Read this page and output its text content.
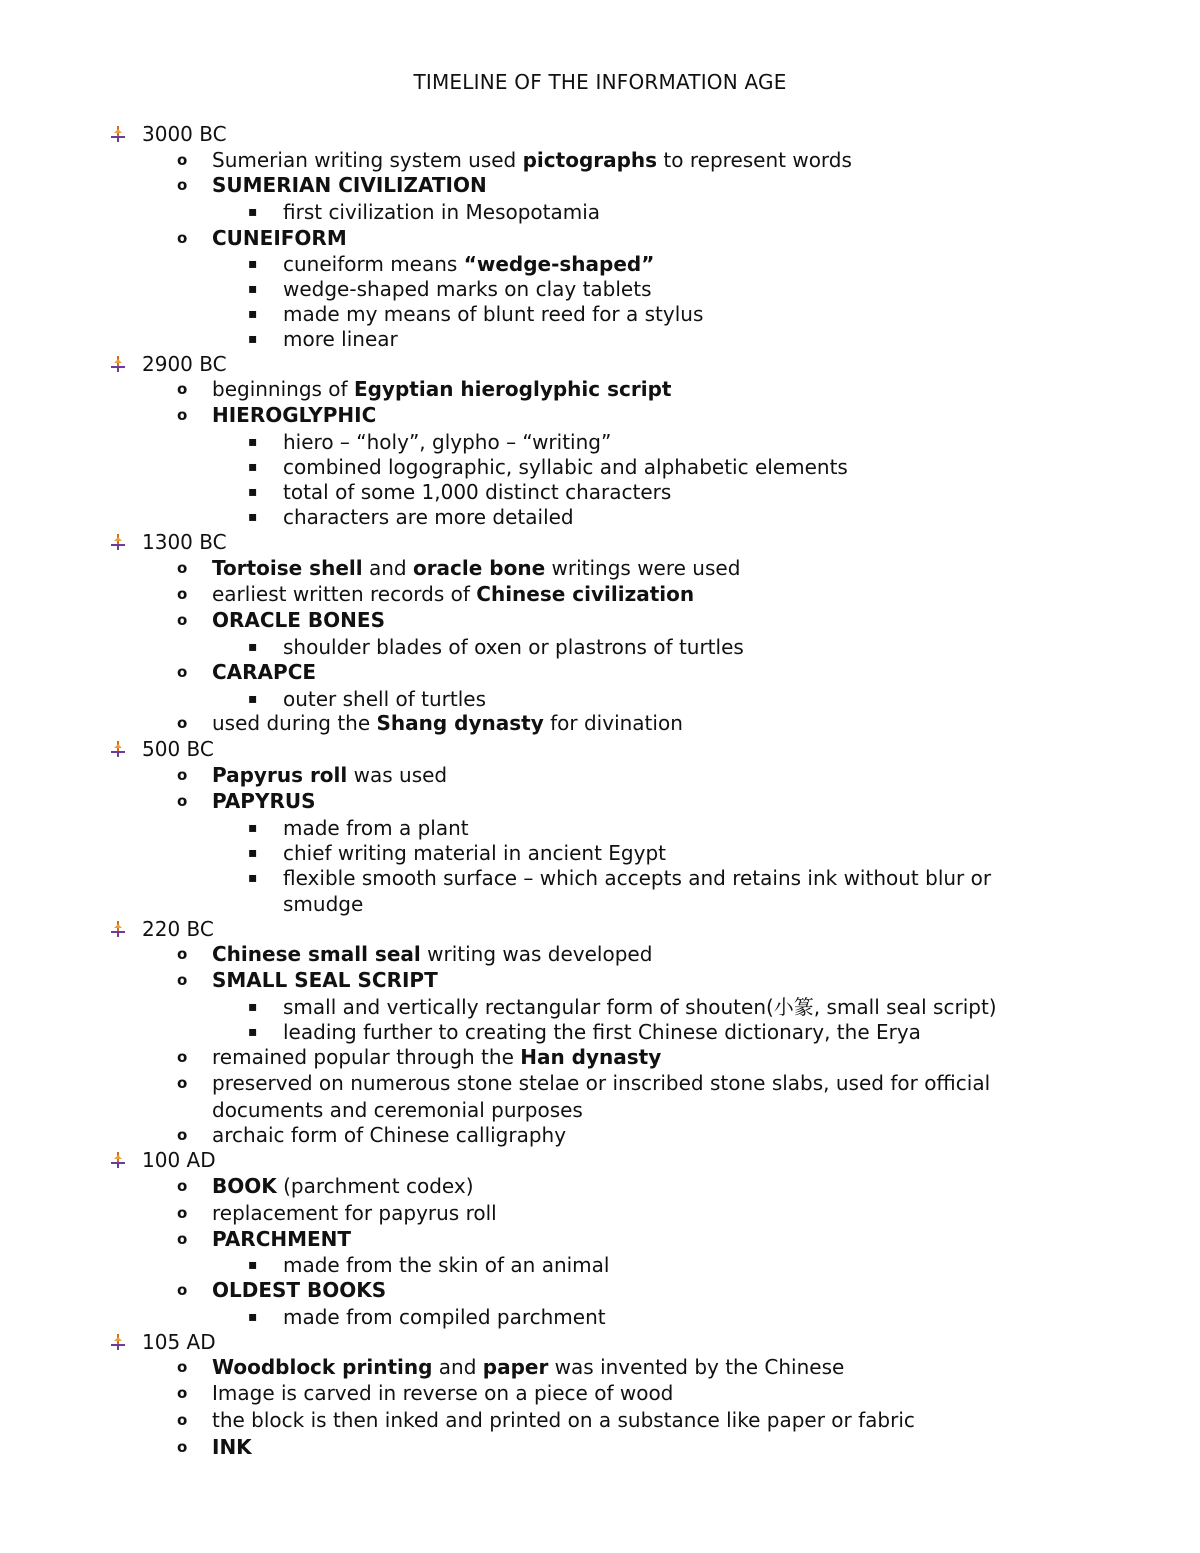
TIMELINE OF THE INFORMATION AGE
3000 BC
o Sumerian writing system used pictographs to represent words
o SUMERIAN CIVILIZATION
▪ first civilization in Mesopotamia
o CUNEIFORM
▪ cuneiform means “wedge-shaped”
▪ wedge-shaped marks on clay tablets
▪ made my means of blunt reed for a stylus
▪ more linear
2900 BC
o beginnings of Egyptian hieroglyphic script
o HIEROGLYPHIC
▪ hiero – “holy”, glypho – “writing”
▪ combined logographic, syllabic and alphabetic elements
▪ total of some 1,000 distinct characters
▪ characters are more detailed
1300 BC
o Tortoise shell and oracle bone writings were used
o earliest written records of Chinese civilization
o ORACLE BONES
▪ shoulder blades of oxen or plastrons of turtles
o CARAPCE
▪ outer shell of turtles
o used during the Shang dynasty for divination
500 BC
o Papyrus roll was used
o PAPYRUS
▪ made from a plant
▪ chief writing material in ancient Egypt
▪ flexible smooth surface – which accepts and retains ink without blur or
smudge
220 BC
o Chinese small seal writing was developed
o SMALL SEAL SCRIPT
▪ small and vertically rectangular form of shouten(小篆, small seal script)
▪ leading further to creating the first Chinese dictionary, the Erya
o remained popular through the Han dynasty
o preserved on numerous stone stelae or inscribed stone slabs, used for official
documents and ceremonial purposes
o archaic form of Chinese calligraphy
100 AD
o BOOK (parchment codex)
o replacement for papyrus roll
o PARCHMENT
▪ made from the skin of an animal
o OLDEST BOOKS
▪ made from compiled parchment
105 AD
o Woodblock printing and paper was invented by the Chinese
o Image is carved in reverse on a piece of wood
o the block is then inked and printed on a substance like paper or fabric
o INK
